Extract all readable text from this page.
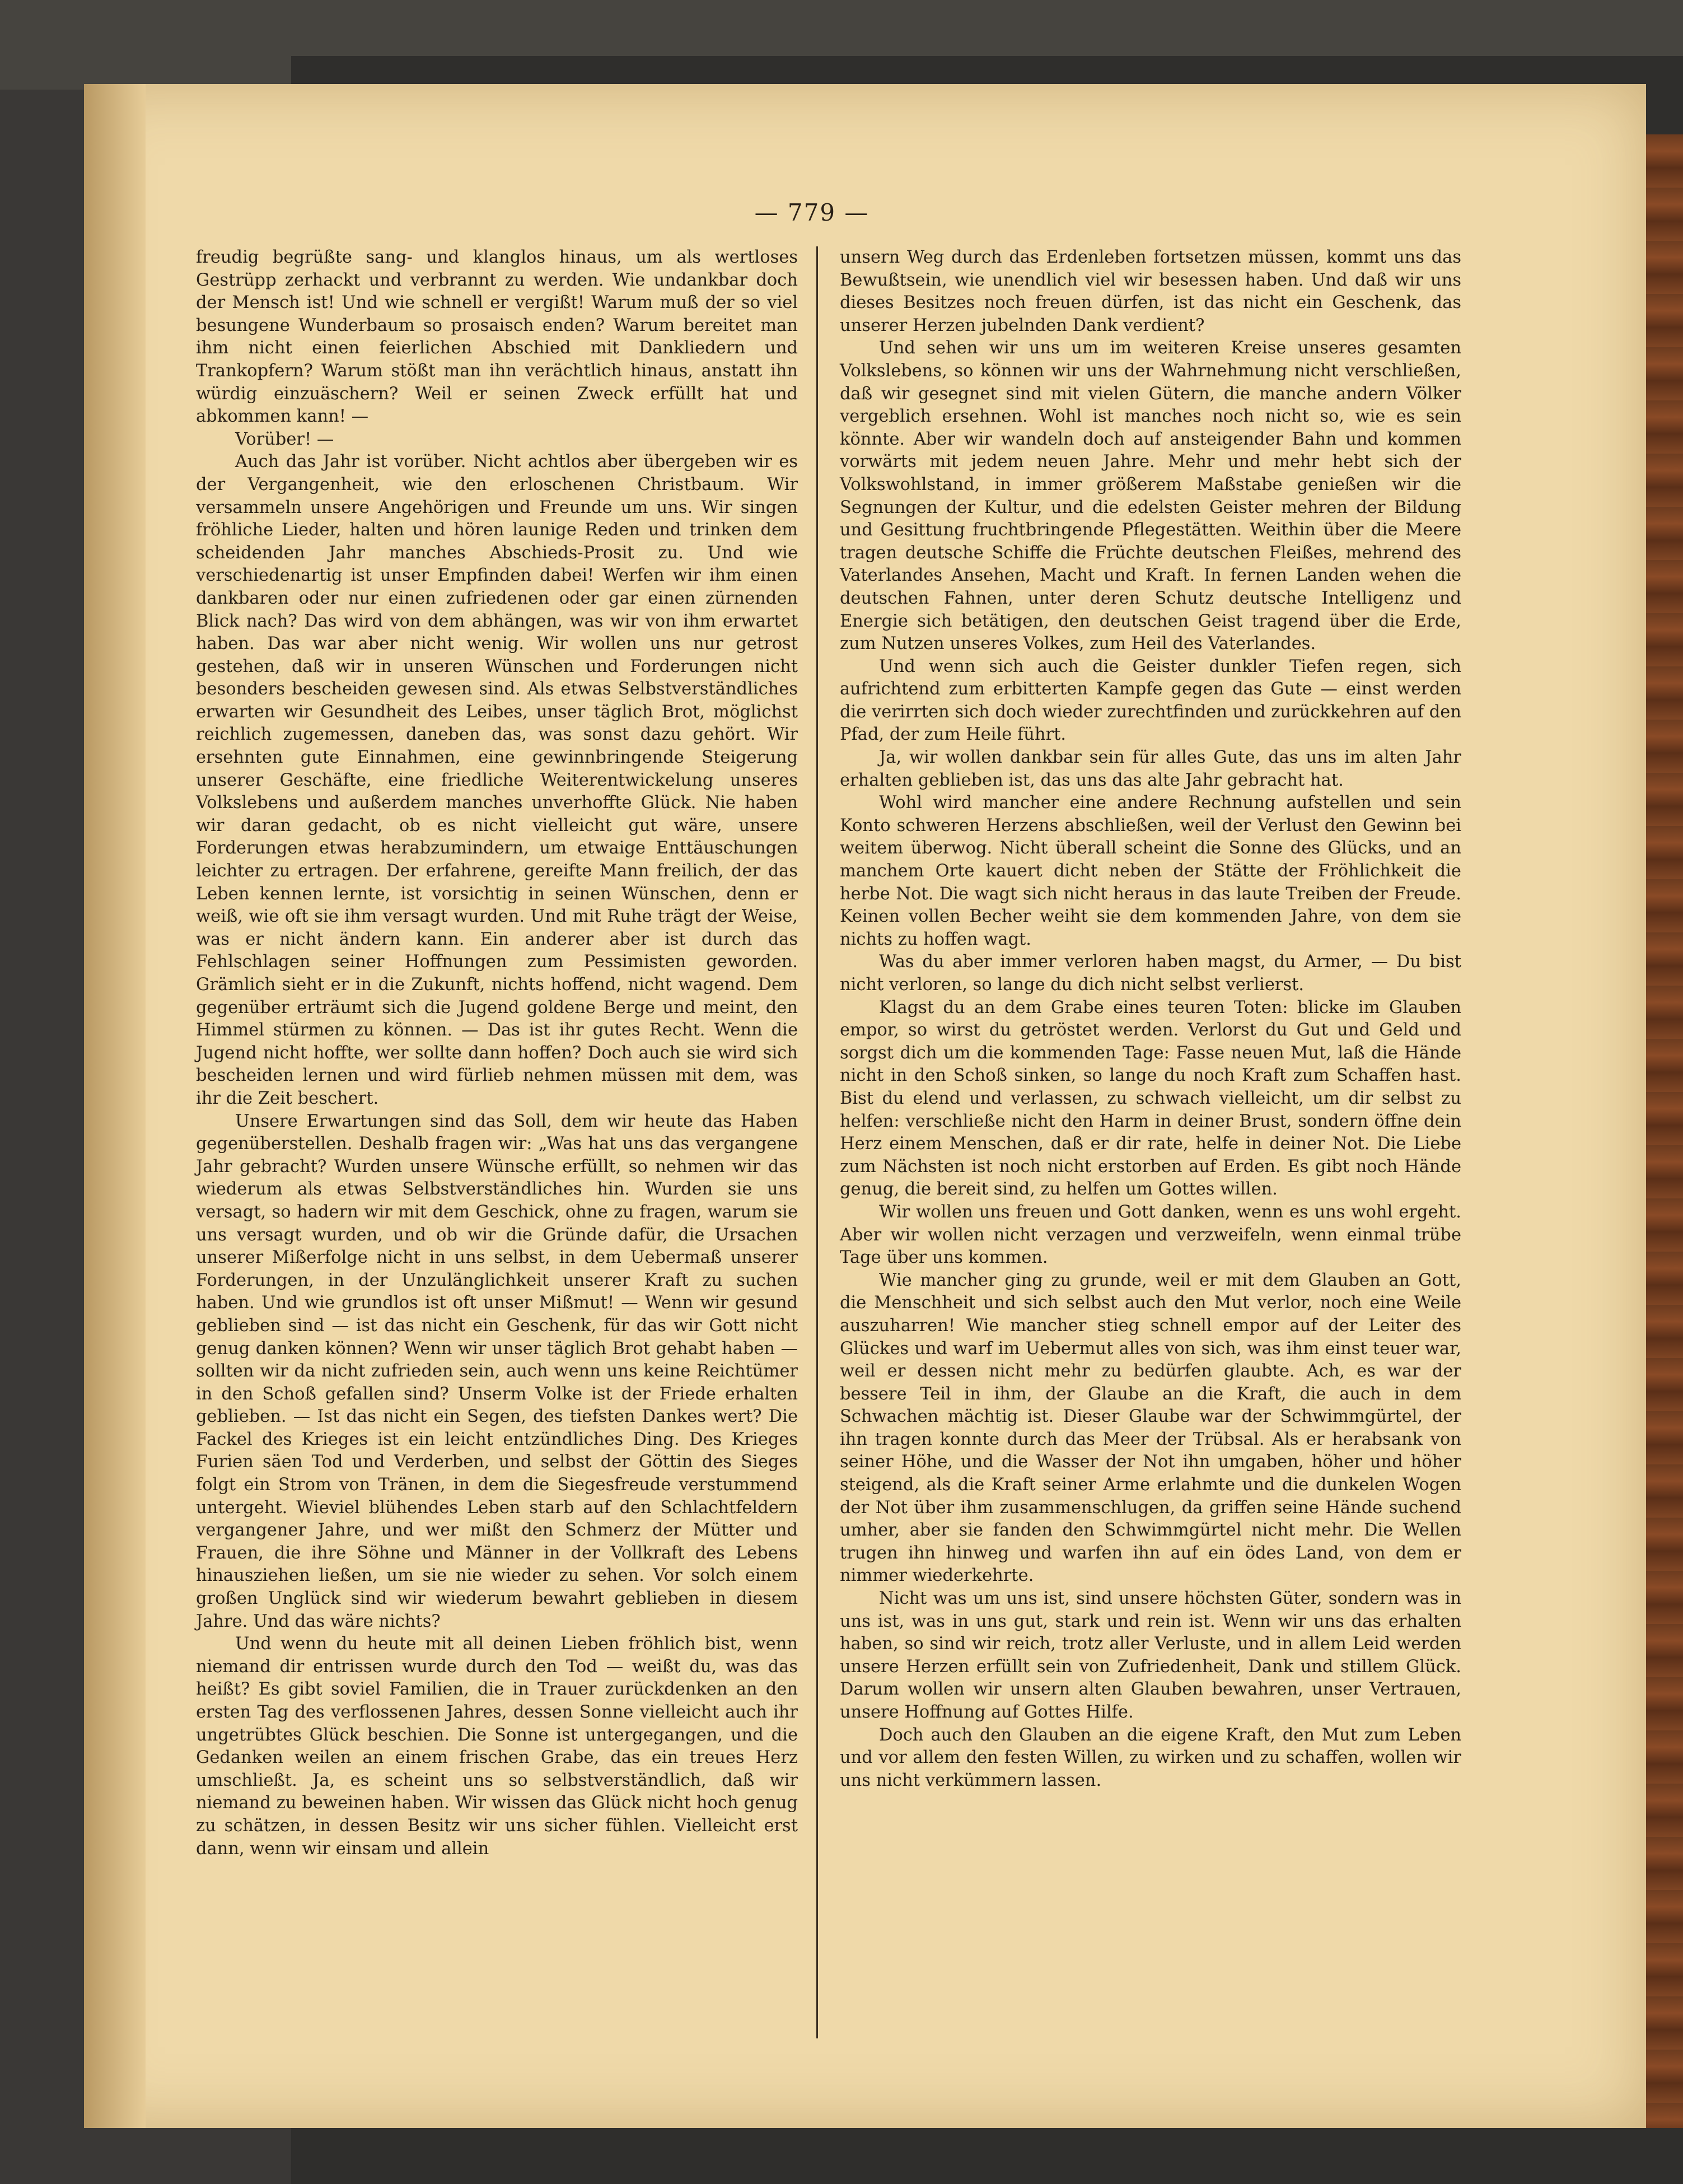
— 779 —

freudig begrüßte sang- und klanglos hinaus, um als wertloses Gestrüpp zerhackt und verbrannt zu werden. Wie undankbar doch der Mensch ist! Und wie schnell er vergißt! Warum muß der so viel besungene Wunderbaum so prosaisch enden? Warum bereitet man ihm nicht einen feierlichen Abschied mit Dankliedern und Trankopfern? Warum stößt man ihn verächtlich hinaus, anstatt ihn würdig einzuäschern? Weil er seinen Zweck erfüllt hat und abkommen kann! —

Vorüber! —

Auch das Jahr ist vorüber. Nicht achtlos aber übergeben wir es der Vergangenheit, wie den erloschenen Christbaum. Wir versammeln unsere Angehörigen und Freunde um uns. Wir singen fröhliche Lieder, halten und hören launige Reden und trinken dem scheidenden Jahr manches Abschieds-Prosit zu. Und wie verschiedenartig ist unser Empfinden dabei! Werfen wir ihm einen dankbaren oder nur einen zufriedenen oder gar einen zürnenden Blick nach? Das wird von dem abhängen, was wir von ihm erwartet haben. Das war aber nicht wenig. Wir wollen uns nur getrost gestehen, daß wir in unseren Wünschen und Forderungen nicht besonders bescheiden gewesen sind. Als etwas Selbstverständliches erwarten wir Gesundheit des Leibes, unser täglich Brot, möglichst reichlich zugemessen, daneben das, was sonst dazu gehört. Wir ersehnten gute Einnahmen, eine gewinnbringende Steigerung unserer Geschäfte, eine friedliche Weiterentwickelung unseres Volkslebens und außerdem manches unverhoffte Glück. Nie haben wir daran gedacht, ob es nicht vielleicht gut wäre, unsere Forderungen etwas herabzumindern, um etwaige Enttäuschungen leichter zu ertragen. Der erfahrene, gereifte Mann freilich, der das Leben kennen lernte, ist vorsichtig in seinen Wünschen, denn er weiß, wie oft sie ihm versagt wurden. Und mit Ruhe trägt der Weise, was er nicht ändern kann. Ein anderer aber ist durch das Fehlschlagen seiner Hoffnungen zum Pessimisten geworden. Grämlich sieht er in die Zukunft, nichts hoffend, nicht wagend. Dem gegenüber erträumt sich die Jugend goldene Berge und meint, den Himmel stürmen zu können. — Das ist ihr gutes Recht. Wenn die Jugend nicht hoffte, wer sollte dann hoffen? Doch auch sie wird sich bescheiden lernen und wird fürlieb nehmen müssen mit dem, was ihr die Zeit beschert.

Unsere Erwartungen sind das Soll, dem wir heute das Haben gegenüberstellen. Deshalb fragen wir: „Was hat uns das vergangene Jahr gebracht? Wurden unsere Wünsche erfüllt, so nehmen wir das wiederum als etwas Selbstverständliches hin. Wurden sie uns versagt, so hadern wir mit dem Geschick, ohne zu fragen, warum sie uns versagt wurden, und ob wir die Gründe dafür, die Ursachen unserer Mißerfolge nicht in uns selbst, in dem Uebermaß unserer Forderungen, in der Unzulänglichkeit unserer Kraft zu suchen haben. Und wie grundlos ist oft unser Mißmut! — Wenn wir gesund geblieben sind — ist das nicht ein Geschenk, für das wir Gott nicht genug danken können? Wenn wir unser täglich Brot gehabt haben — sollten wir da nicht zufrieden sein, auch wenn uns keine Reichtümer in den Schoß gefallen sind? Unserm Volke ist der Friede erhalten geblieben. — Ist das nicht ein Segen, des tiefsten Dankes wert? Die Fackel des Krieges ist ein leicht entzündliches Ding. Des Krieges Furien säen Tod und Verderben, und selbst der Göttin des Sieges folgt ein Strom von Tränen, in dem die Siegesfreude verstummend untergeht. Wieviel blühendes Leben starb auf den Schlachtfeldern vergangener Jahre, und wer mißt den Schmerz der Mütter und Frauen, die ihre Söhne und Männer in der Vollkraft des Lebens hinausziehen ließen, um sie nie wieder zu sehen. Vor solch einem großen Unglück sind wir wiederum bewahrt geblieben in diesem Jahre. Und das wäre nichts?

Und wenn du heute mit all deinen Lieben fröhlich bist, wenn niemand dir entrissen wurde durch den Tod — weißt du, was das heißt? Es gibt soviel Familien, die in Trauer zurückdenken an den ersten Tag des verflossenen Jahres, dessen Sonne vielleicht auch ihr ungetrübtes Glück beschien. Die Sonne ist untergegangen, und die Gedanken weilen an einem frischen Grabe, das ein treues Herz umschließt. Ja, es scheint uns so selbstverständlich, daß wir niemand zu beweinen haben. Wir wissen das Glück nicht hoch genug zu schätzen, in dessen Besitz wir uns sicher fühlen. Vielleicht erst dann, wenn wir einsam und allein

unsern Weg durch das Erdenleben fortsetzen müssen, kommt uns das Bewußtsein, wie unendlich viel wir besessen haben. Und daß wir uns dieses Besitzes noch freuen dürfen, ist das nicht ein Geschenk, das unserer Herzen jubelnden Dank verdient?

Und sehen wir uns um im weiteren Kreise unseres gesamten Volkslebens, so können wir uns der Wahrnehmung nicht verschließen, daß wir gesegnet sind mit vielen Gütern, die manche andern Völker vergeblich ersehnen. Wohl ist manches noch nicht so, wie es sein könnte. Aber wir wandeln doch auf ansteigender Bahn und kommen vorwärts mit jedem neuen Jahre. Mehr und mehr hebt sich der Volkswohlstand, in immer größerem Maßstabe genießen wir die Segnungen der Kultur, und die edelsten Geister mehren der Bildung und Gesittung fruchtbringende Pflegestätten. Weithin über die Meere tragen deutsche Schiffe die Früchte deutschen Fleißes, mehrend des Vaterlandes Ansehen, Macht und Kraft. In fernen Landen wehen die deutschen Fahnen, unter deren Schutz deutsche Intelligenz und Energie sich betätigen, den deutschen Geist tragend über die Erde, zum Nutzen unseres Volkes, zum Heil des Vaterlandes.

Und wenn sich auch die Geister dunkler Tiefen regen, sich aufrichtend zum erbitterten Kampfe gegen das Gute — einst werden die verirrten sich doch wieder zurechtfinden und zurückkehren auf den Pfad, der zum Heile führt.

Ja, wir wollen dankbar sein für alles Gute, das uns im alten Jahr erhalten geblieben ist, das uns das alte Jahr gebracht hat.

Wohl wird mancher eine andere Rechnung aufstellen und sein Konto schweren Herzens abschließen, weil der Verlust den Gewinn bei weitem überwog. Nicht überall scheint die Sonne des Glücks, und an manchem Orte kauert dicht neben der Stätte der Fröhlichkeit die herbe Not. Die wagt sich nicht heraus in das laute Treiben der Freude. Keinen vollen Becher weiht sie dem kommenden Jahre, von dem sie nichts zu hoffen wagt.

Was du aber immer verloren haben magst, du Armer, — Du bist nicht verloren, so lange du dich nicht selbst verlierst.

Klagst du an dem Grabe eines teuren Toten: blicke im Glauben empor, so wirst du getröstet werden. Verlorst du Gut und Geld und sorgst dich um die kommenden Tage: Fasse neuen Mut, laß die Hände nicht in den Schoß sinken, so lange du noch Kraft zum Schaffen hast. Bist du elend und verlassen, zu schwach vielleicht, um dir selbst zu helfen: verschließe nicht den Harm in deiner Brust, sondern öffne dein Herz einem Menschen, daß er dir rate, helfe in deiner Not. Die Liebe zum Nächsten ist noch nicht erstorben auf Erden. Es gibt noch Hände genug, die bereit sind, zu helfen um Gottes willen.

Wir wollen uns freuen und Gott danken, wenn es uns wohl ergeht. Aber wir wollen nicht verzagen und verzweifeln, wenn einmal trübe Tage über uns kommen.

Wie mancher ging zu grunde, weil er mit dem Glauben an Gott, die Menschheit und sich selbst auch den Mut verlor, noch eine Weile auszuharren! Wie mancher stieg schnell empor auf der Leiter des Glückes und warf im Uebermut alles von sich, was ihm einst teuer war, weil er dessen nicht mehr zu bedürfen glaubte. Ach, es war der bessere Teil in ihm, der Glaube an die Kraft, die auch in dem Schwachen mächtig ist. Dieser Glaube war der Schwimmgürtel, der ihn tragen konnte durch das Meer der Trübsal. Als er herabsank von seiner Höhe, und die Wasser der Not ihn umgaben, höher und höher steigend, als die Kraft seiner Arme erlahmte und die dunkelen Wogen der Not über ihm zusammenschlugen, da griffen seine Hände suchend umher, aber sie fanden den Schwimmgürtel nicht mehr. Die Wellen trugen ihn hinweg und warfen ihn auf ein ödes Land, von dem er nimmer wiederkehrte.

Nicht was um uns ist, sind unsere höchsten Güter, sondern was in uns ist, was in uns gut, stark und rein ist. Wenn wir uns das erhalten haben, so sind wir reich, trotz aller Verluste, und in allem Leid werden unsere Herzen erfüllt sein von Zufriedenheit, Dank und stillem Glück. Darum wollen wir unsern alten Glauben bewahren, unser Vertrauen, unsere Hoffnung auf Gottes Hilfe.

Doch auch den Glauben an die eigene Kraft, den Mut zum Leben und vor allem den festen Willen, zu wirken und zu schaffen, wollen wir uns nicht verkümmern lassen.
